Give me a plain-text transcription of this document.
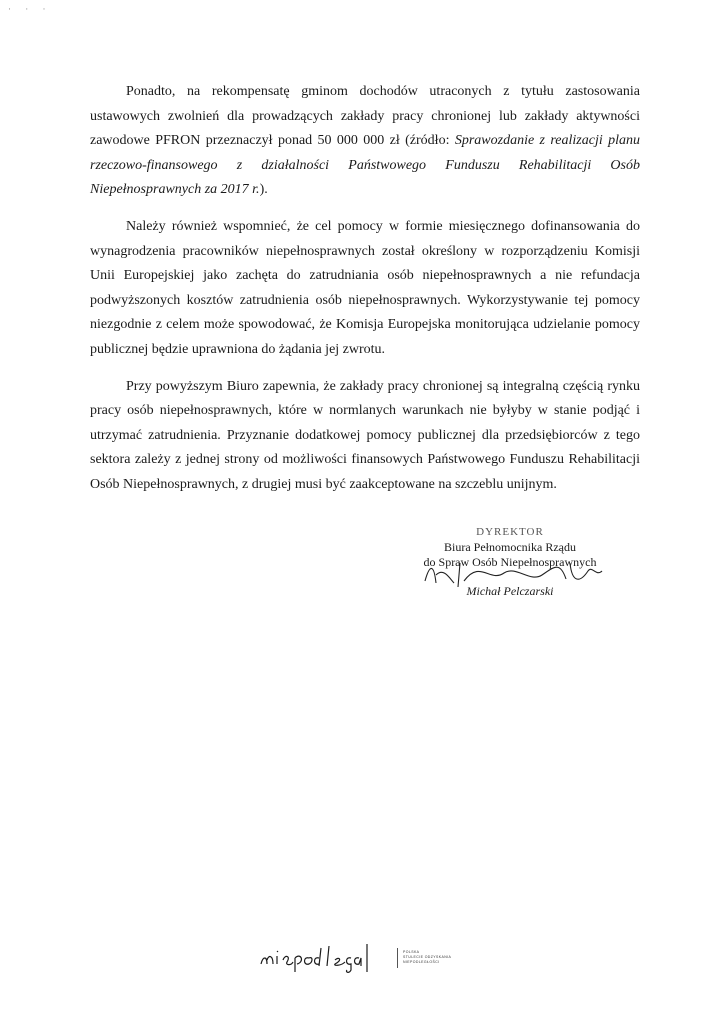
· · ·

Ponadto, na rekompensatę gminom dochodów utraconych z tytułu zastosowania ustawowych zwolnień dla prowadzących zakłady pracy chronionej lub zakłady aktywności zawodowe PFRON przeznaczył ponad 50 000 000 zł (źródło: Sprawozdanie z realizacji planu rzeczowo-finansowego z działalności Państwowego Funduszu Rehabilitacji Osób Niepełnosprawnych za 2017 r.).

Należy również wspomnieć, że cel pomocy w formie miesięcznego dofinansowania do wynagrodzenia pracowników niepełnosprawnych został określony w rozporządzeniu Komisji Unii Europejskiej jako zachęta do zatrudniania osób niepełnosprawnych a nie refundacja podwyższonych kosztów zatrudnienia osób niepełnosprawnych. Wykorzystywanie tej pomocy niezgodnie z celem może spowodować, że Komisja Europejska monitorująca udzielanie pomocy publicznej będzie uprawniona do żądania jej zwrotu.

Przy powyższym Biuro zapewnia, że zakłady pracy chronionej są integralną częścią rynku pracy osób niepełnosprawnych, które w normlanych warunkach nie byłyby w stanie podjąć i utrzymać zatrudnienia. Przyznanie dodatkowej pomocy publicznej dla przedsiębiorców z tego sektora zależy z jednej strony od możliwości finansowych Państwowego Funduszu Rehabilitacji Osób Niepełnosprawnych, z drugiej musi być zaakceptowane na szczeblu unijnym.

DYREKTOR
Biura Pełnomocnika Rządu
do Spraw Osób Niepełnosprawnych
Michał Pelczarski
POLSKA
STULECIE ODZYSKANIA
NIEPODLEGŁOŚCI
